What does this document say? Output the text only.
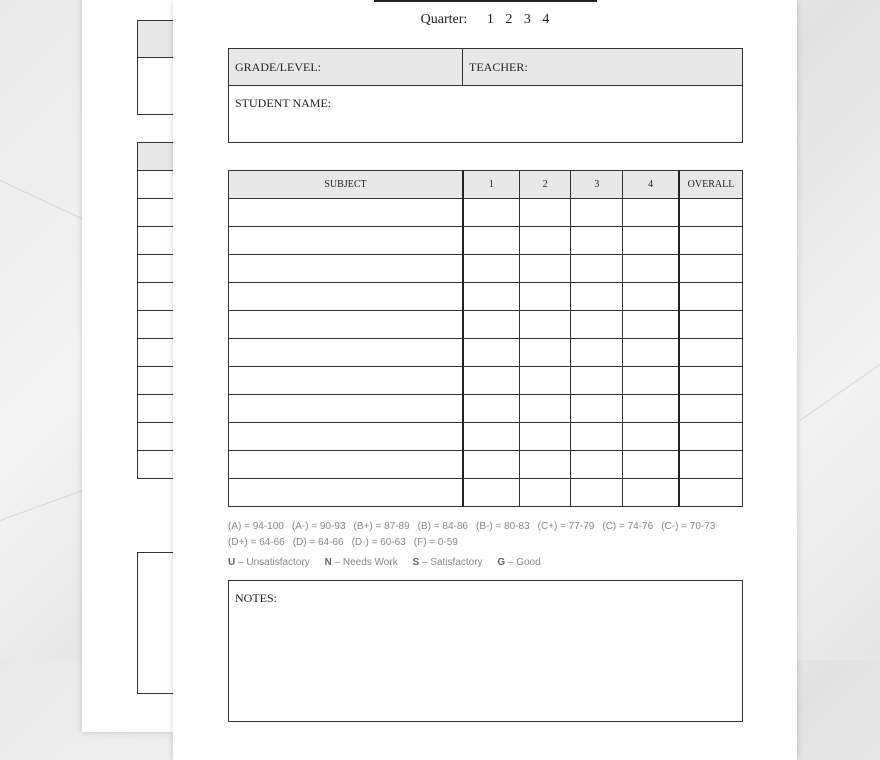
Quarter: 1 2 3 4
GRADE/LEVEL:	TEACHER:
STUDENT NAME:
SUBJECT	1	2	3	4	OVERALL

(A) = 94-100 (A-) = 90-93 (B+) = 87-89 (B) = 84-86 (B-) = 80-83 (C+) = 77-79 (C) = 74-76 (C-) = 70-73
(D+) = 64-66 (D) = 64-66 (D-) = 60-63 (F) = 0-59
U – Unsatisfactory N – Needs Work S – Satisfactory G – Good
NOTES:
